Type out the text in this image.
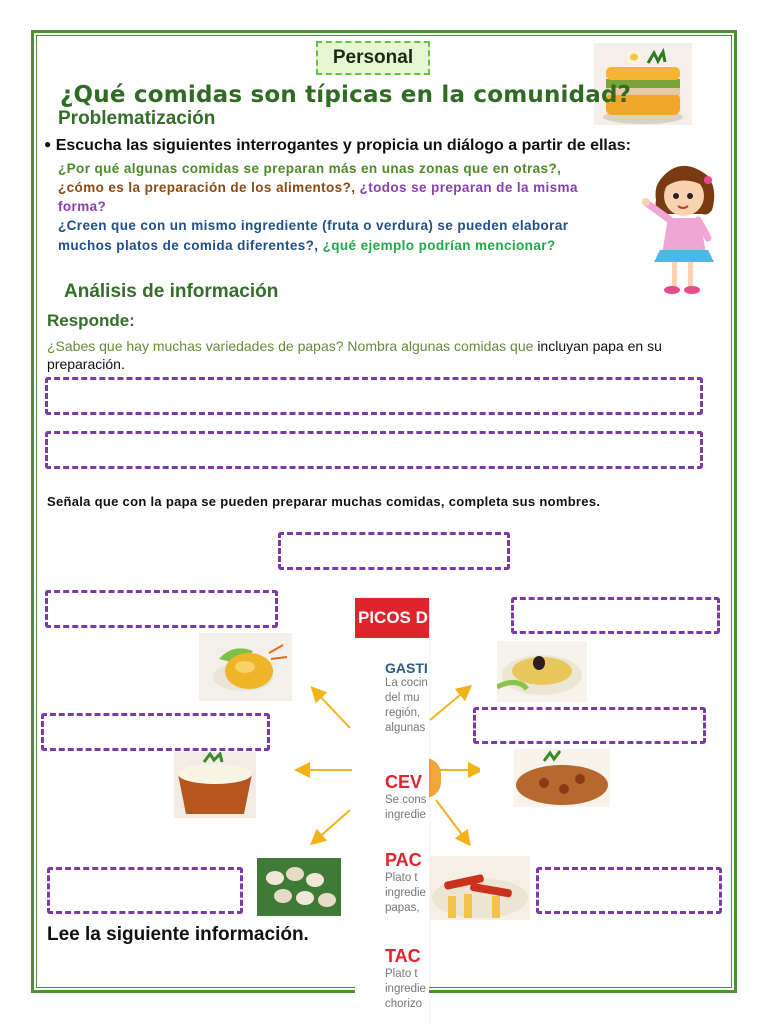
Personal
¿Qué comidas son típicas en la comunidad?
Problematización
● Escucha las siguientes interrogantes y propicia un diálogo a partir de ellas:
¿Por qué algunas comidas se preparan más en unas zonas que en otras?,
¿cómo es la preparación de los alimentos?, ¿todos se preparan de la misma
forma?
¿Creen que con un mismo ingrediente (fruta o verdura) se pueden elaborar
muchos platos de comida diferentes?, ¿qué ejemplo podrían mencionar?
Análisis de información
Responde:
¿Sabes que hay muchas variedades de papas? Nombra algunas comidas que incluyan papa en su
preparación.
Señala que con la papa se pueden preparar muchas comidas, completa sus nombres.
PICOS D
GASTI
La cocin
del mu
región,
algunas
CEV
Se cons
ingredie
PAC
Plato t
ingredie
papas,
TAC
Plato t
ingredie
chorizo
Lee la siguiente información.
